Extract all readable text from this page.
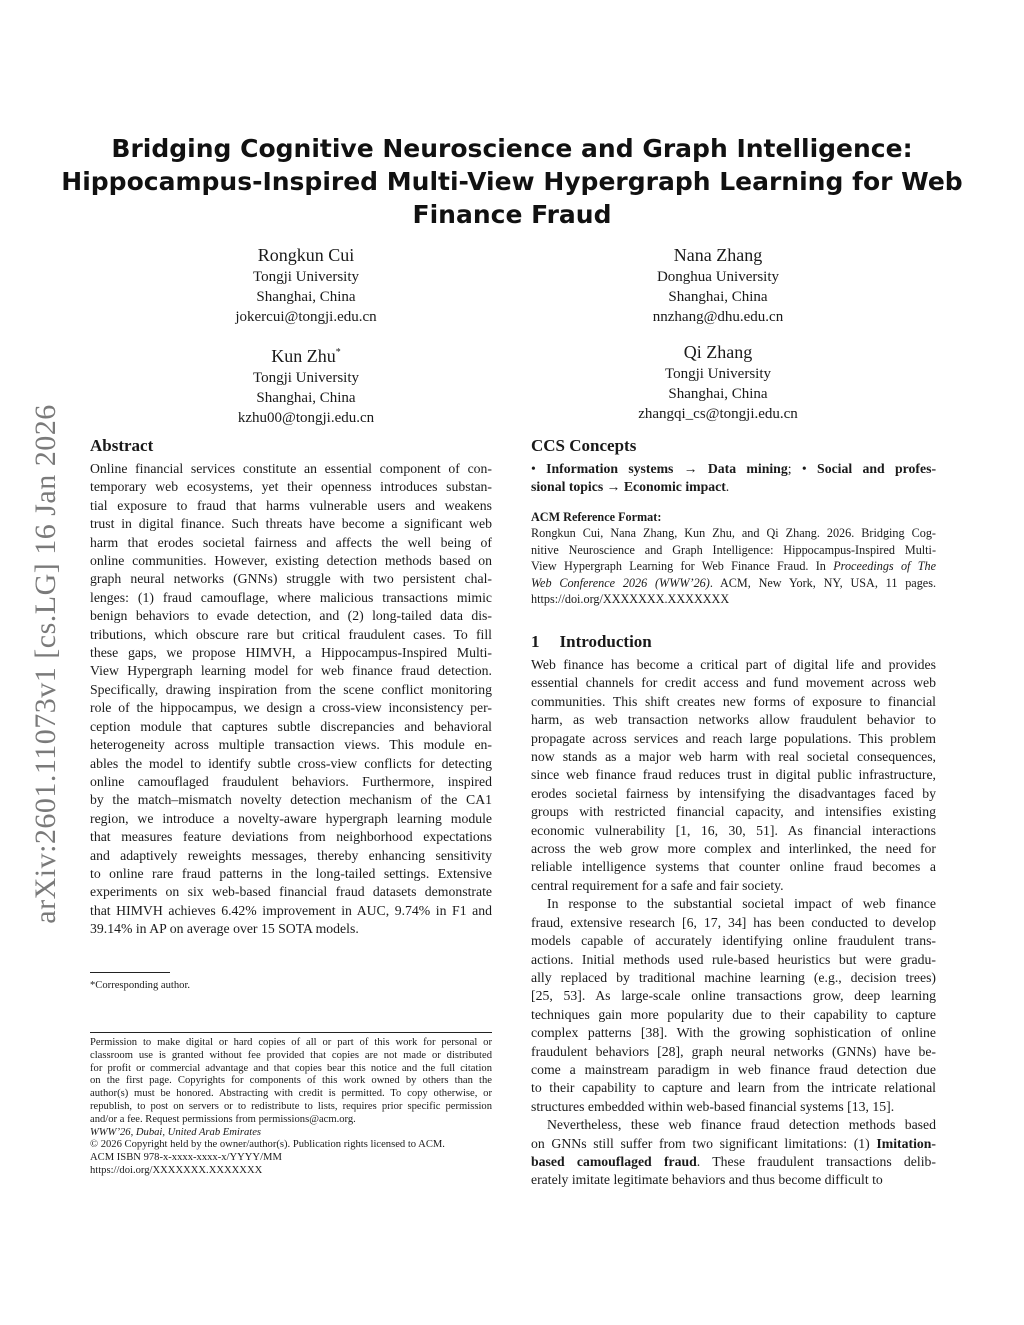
arXiv:2601.11073v1 [cs.LG] 16 Jan 2026
Bridging Cognitive Neuroscience and Graph Intelligence:
Hippocampus-Inspired Multi-View Hypergraph Learning for Web
Finance Fraud
Rongkun Cui
Tongji University
Shanghai, China
jokercui@tongji.edu.cn
Nana Zhang
Donghua University
Shanghai, China
nnzhang@dhu.edu.cn
Kun Zhu*
Tongji University
Shanghai, China
kzhu00@tongji.edu.cn
Qi Zhang
Tongji University
Shanghai, China
zhangqi_cs@tongji.edu.cn
Abstract
Online financial services constitute an essential component of con-
temporary web ecosystems, yet their openness introduces substan-
tial exposure to fraud that harms vulnerable users and weakens
trust in digital finance. Such threats have become a significant web
harm that erodes societal fairness and affects the well being of
online communities. However, existing detection methods based on
graph neural networks (GNNs) struggle with two persistent chal-
lenges: (1) fraud camouflage, where malicious transactions mimic
benign behaviors to evade detection, and (2) long-tailed data dis-
tributions, which obscure rare but critical fraudulent cases. To fill
these gaps, we propose HIMVH, a Hippocampus-Inspired Multi-
View Hypergraph learning model for web finance fraud detection.
Specifically, drawing inspiration from the scene conflict monitoring
role of the hippocampus, we design a cross-view inconsistency per-
ception module that captures subtle discrepancies and behavioral
heterogeneity across multiple transaction views. This module en-
ables the model to identify subtle cross-view conflicts for detecting
online camouflaged fraudulent behaviors. Furthermore, inspired
by the match–mismatch novelty detection mechanism of the CA1
region, we introduce a novelty-aware hypergraph learning module
that measures feature deviations from neighborhood expectations
and adaptively reweights messages, thereby enhancing sensitivity
to online rare fraud patterns in the long-tailed settings. Extensive
experiments on six web-based financial fraud datasets demonstrate
that HIMVH achieves 6.42% improvement in AUC, 9.74% in F1 and
39.14% in AP on average over 15 SOTA models.
*Corresponding author.
Permission to make digital or hard copies of all or part of this work for personal or
classroom use is granted without fee provided that copies are not made or distributed
for profit or commercial advantage and that copies bear this notice and the full citation
on the first page. Copyrights for components of this work owned by others than the
author(s) must be honored. Abstracting with credit is permitted. To copy otherwise, or
republish, to post on servers or to redistribute to lists, requires prior specific permission
and/or a fee. Request permissions from permissions@acm.org.
WWW’26, Dubai, United Arab Emirates
© 2026 Copyright held by the owner/author(s). Publication rights licensed to ACM.
ACM ISBN 978-x-xxxx-xxxx-x/YYYY/MM
https://doi.org/XXXXXXX.XXXXXXX
CCS Concepts
• Information systems → Data mining; • Social and profes-
sional topics → Economic impact.
ACM Reference Format:
Rongkun Cui, Nana Zhang, Kun Zhu, and Qi Zhang. 2026. Bridging Cog-
nitive Neuroscience and Graph Intelligence: Hippocampus-Inspired Multi-
View Hypergraph Learning for Web Finance Fraud. In Proceedings of The
Web Conference 2026 (WWW’26). ACM, New York, NY, USA, 11 pages.
https://doi.org/XXXXXXX.XXXXXXX
1 Introduction
Web finance has become a critical part of digital life and provides
essential channels for credit access and fund movement across web
communities. This shift creates new forms of exposure to financial
harm, as web transaction networks allow fraudulent behavior to
propagate across services and reach large populations. This problem
now stands as a major web harm with real societal consequences,
since web finance fraud reduces trust in digital public infrastructure,
erodes societal fairness by intensifying the disadvantages faced by
groups with restricted financial capacity, and intensifies existing
economic vulnerability [1, 16, 30, 51]. As financial interactions
across the web grow more complex and interlinked, the need for
reliable intelligence systems that counter online fraud becomes a
central requirement for a safe and fair society.
In response to the substantial societal impact of web finance
fraud, extensive research [6, 17, 34] has been conducted to develop
models capable of accurately identifying online fraudulent trans-
actions. Initial methods used rule-based heuristics but were gradu-
ally replaced by traditional machine learning (e.g., decision trees)
[25, 53]. As large-scale online transactions grow, deep learning
techniques gain more popularity due to their capability to capture
complex patterns [38]. With the growing sophistication of online
fraudulent behaviors [28], graph neural networks (GNNs) have be-
come a mainstream paradigm in web finance fraud detection due
to their capability to capture and learn from the intricate relational
structures embedded within web-based financial systems [13, 15].
Nevertheless, these web finance fraud detection methods based
on GNNs still suffer from two significant limitations: (1) Imitation-
based camouflaged fraud. These fraudulent transactions delib-
erately imitate legitimate behaviors and thus become difficult to
